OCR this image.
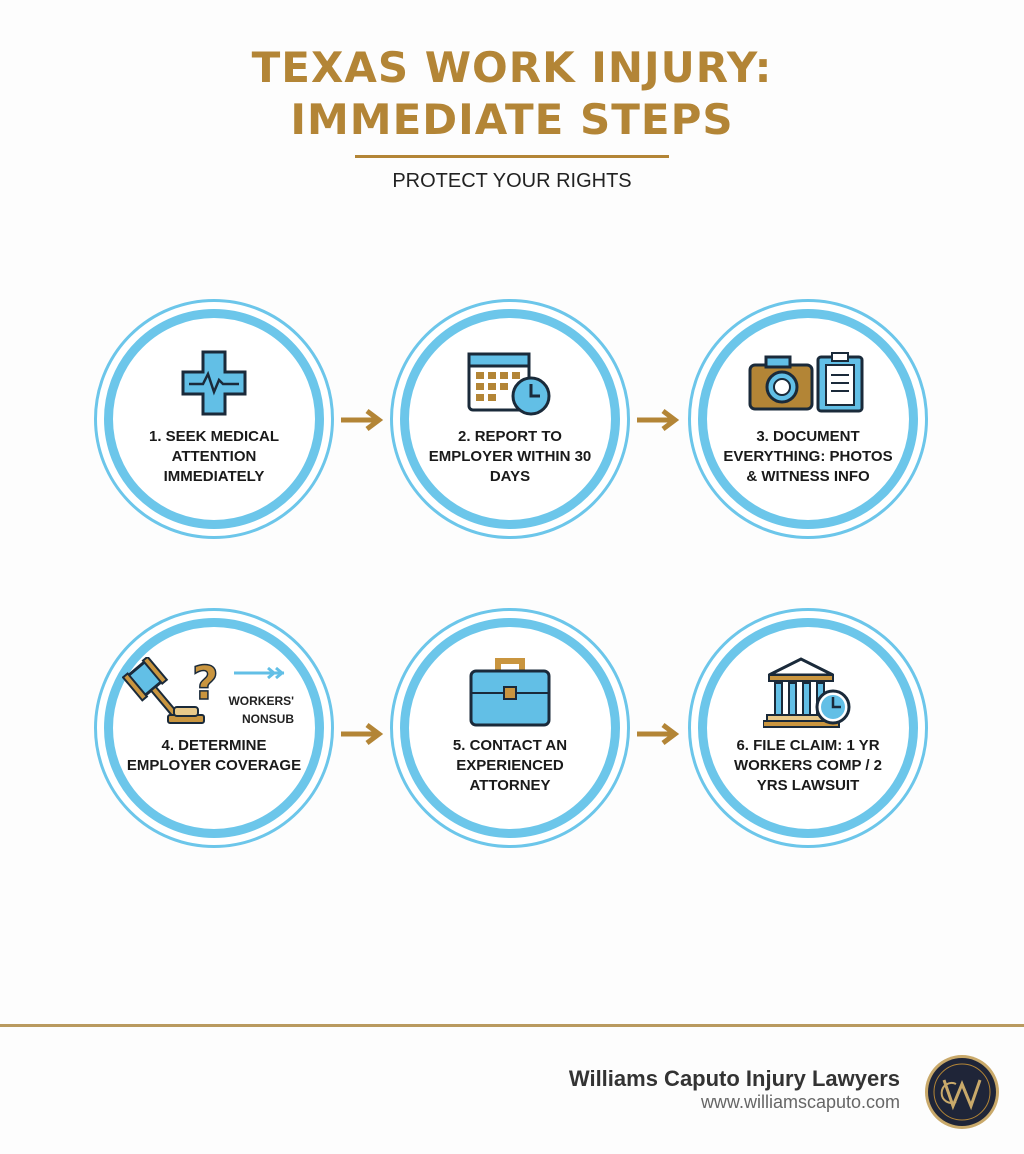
TEXAS WORK INJURY:
IMMEDIATE STEPS
PROTECT YOUR RIGHTS
1. SEEK MEDICAL ATTENTION IMMEDIATELY
2. REPORT TO EMPLOYER WITHIN 30 DAYS
3. DOCUMENT EVERYTHING: PHOTOS & WITNESS INFO
? WORKERS'
NONSUB
4. DETERMINE EMPLOYER COVERAGE
5. CONTACT AN EXPERIENCED ATTORNEY
6. FILE CLAIM: 1 YR WORKERS COMP / 2 YRS LAWSUIT
Williams Caputo Injury Lawyers
www.williamscaputo.com
